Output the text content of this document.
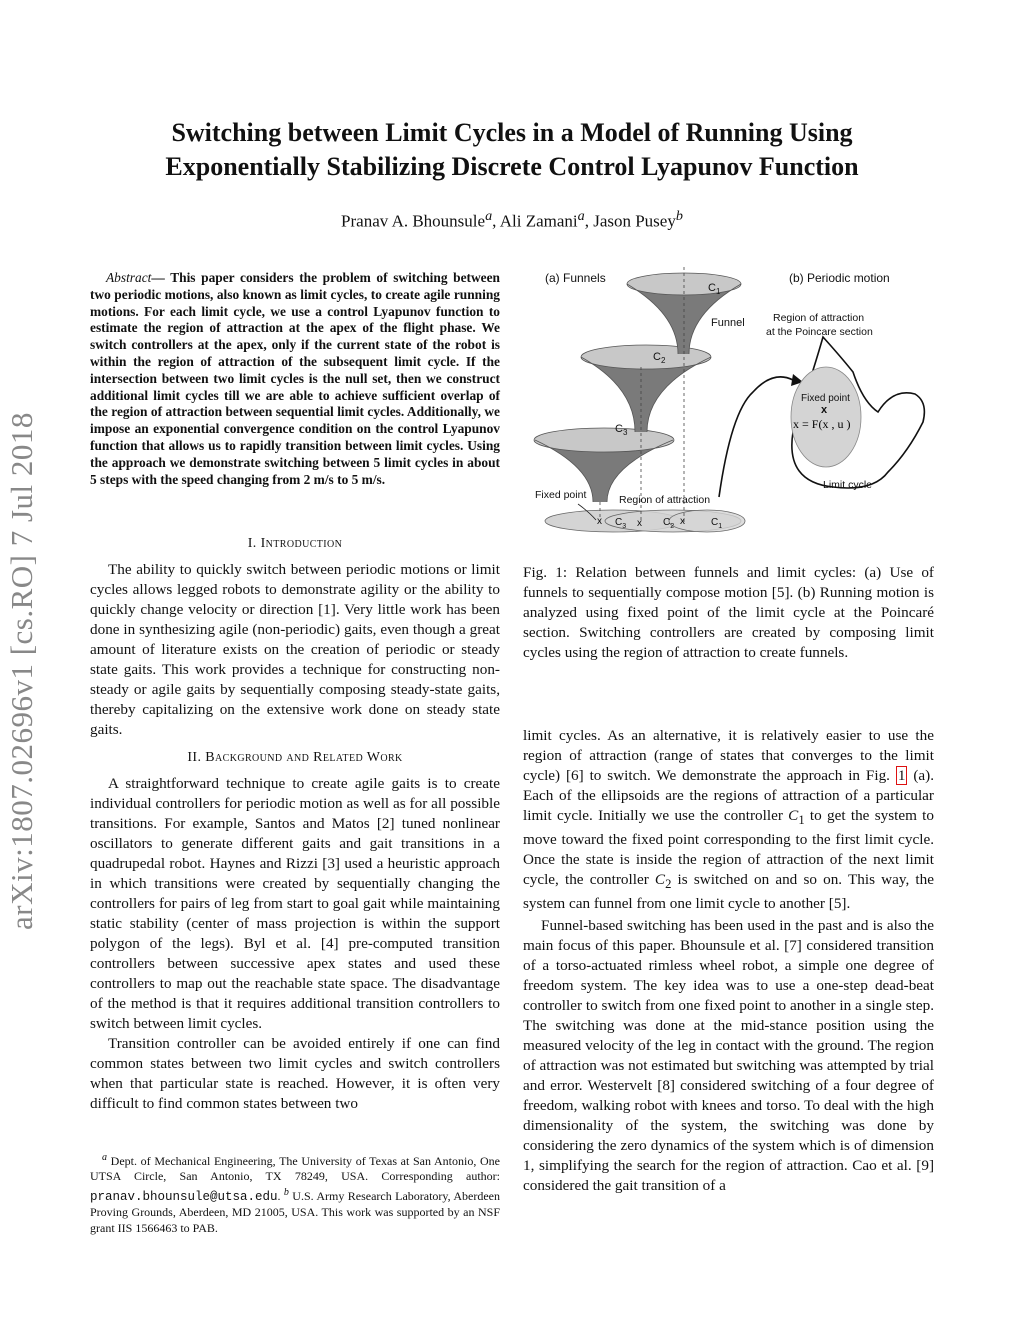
arXiv:1807.02696v1 [cs.RO] 7 Jul 2018
Switching between Limit Cycles in a Model of Running Using
Exponentially Stabilizing Discrete Control Lyapunov Function
Pranav A. Bhounsule$^a$, Ali Zamani$^a$, Jason Pusey$^b$
Abstract— This paper considers the problem of switching between two periodic motions, also known as limit cycles, to create agile running motions. For each limit cycle, we use a control Lyapunov function to estimate the region of attraction at the apex of the flight phase. We switch controllers at the apex, only if the current state of the robot is within the region of attraction of the subsequent limit cycle. If the intersection between two limit cycles is the null set, then we construct additional limit cycles till we are able to achieve sufficient overlap of the region of attraction between sequential limit cycles. Additionally, we impose an exponential convergence condition on the control Lyapunov function that allows us to rapidly transition between limit cycles. Using the approach we demonstrate switching between 5 limit cycles in about 5 steps with the speed changing from 2 m/s to 5 m/s.
I. Introduction

The ability to quickly switch between periodic motions or limit cycles allows legged robots to demonstrate agility or the ability to quickly change velocity or direction [1]. Very little work has been done in synthesizing agile (non-periodic) gaits, even though a great amount of literature exists on the creation of periodic or steady state gaits. This work provides a technique for constructing non-steady or agile gaits by sequentially composing steady-state gaits, thereby capitalizing on the extensive work done on steady state gaits.

II. Background and Related Work

A straightforward technique to create agile gaits is to create individual controllers for periodic motion as well as for all possible transitions. For example, Santos and Matos [2] tuned nonlinear oscillators to generate different gaits and gait transitions in a quadrupedal robot. Haynes and Rizzi [3] used a heuristic approach in which transitions were created by sequentially changing the controllers for pairs of leg from start to goal gait while maintaining static stability (center of mass projection is within the support polygon of the legs). Byl et al. [4] pre-computed transition controllers between successive apex states and used these controllers to map out the reachable state space. The disadvantage of the method is that it requires additional transition controllers to switch between limit cycles.

Transition controller can be avoided entirely if one can find common states between two limit cycles and switch controllers when that particular state is reached. However, it is often very difficult to find common states between two

$^a$ Dept. of Mechanical Engineering, The University of Texas at San Antonio, One UTSA Circle, San Antonio, TX 78249, USA. Corresponding author: pranav.bhounsule@utsa.edu. $^b$ U.S. Army Research Laboratory, Aberdeen Proving Grounds, Aberdeen, MD 21005, USA. This work was supported by an NSF grant IIS 1566463 to PAB.
(a) Funnels	(b) Periodic motion
x	x	x
$C_1$
$C_2$
$C_3$
Funnel
Fixed point	Region of attraction
$C_3$	$C_2$	$C_1$
Region of attraction
at the Poincare section
Fixed point
x
x = F(x , u )
Limit cycle
Fig. 1: Relation between funnels and limit cycles: (a) Use of funnels to sequentially compose motion [5]. (b) Running motion is analyzed using fixed point of the limit cycle at the Poincaré section. Switching controllers are created by composing limit cycles using the region of attraction to create funnels.

limit cycles. As an alternative, it is relatively easier to use the region of attraction (range of states that converges to the limit cycle) [6] to switch. We demonstrate the approach in Fig. 1 (a). Each of the ellipsoids are the regions of attraction of a particular limit cycle. Initially we use the controller $C_1$ to get the system to move toward the fixed point corresponding to the first limit cycle. Once the state is inside the region of attraction of the next limit cycle, the controller $C_2$ is switched on and so on. This way, the system can funnel from one limit cycle to another [5].

Funnel-based switching has been used in the past and is also the main focus of this paper. Bhounsule et al. [7] considered transition of a torso-actuated rimless wheel robot, a simple one degree of freedom system. The key idea was to use a one-step dead-beat controller to switch from one fixed point to another in a single step. The switching was done at the mid-stance position using the measured velocity of the leg in contact with the ground. The region of attraction was not estimated but switching was attempted by trial and error. Westervelt [8] considered switching of a four degree of freedom, walking robot with knees and torso. To deal with the high dimensionality of the system, the switching was done by considering the zero dynamics of the system which is of dimension 1, simplifying the search for the region of attraction. Cao et al. [9] considered the gait transition of a
